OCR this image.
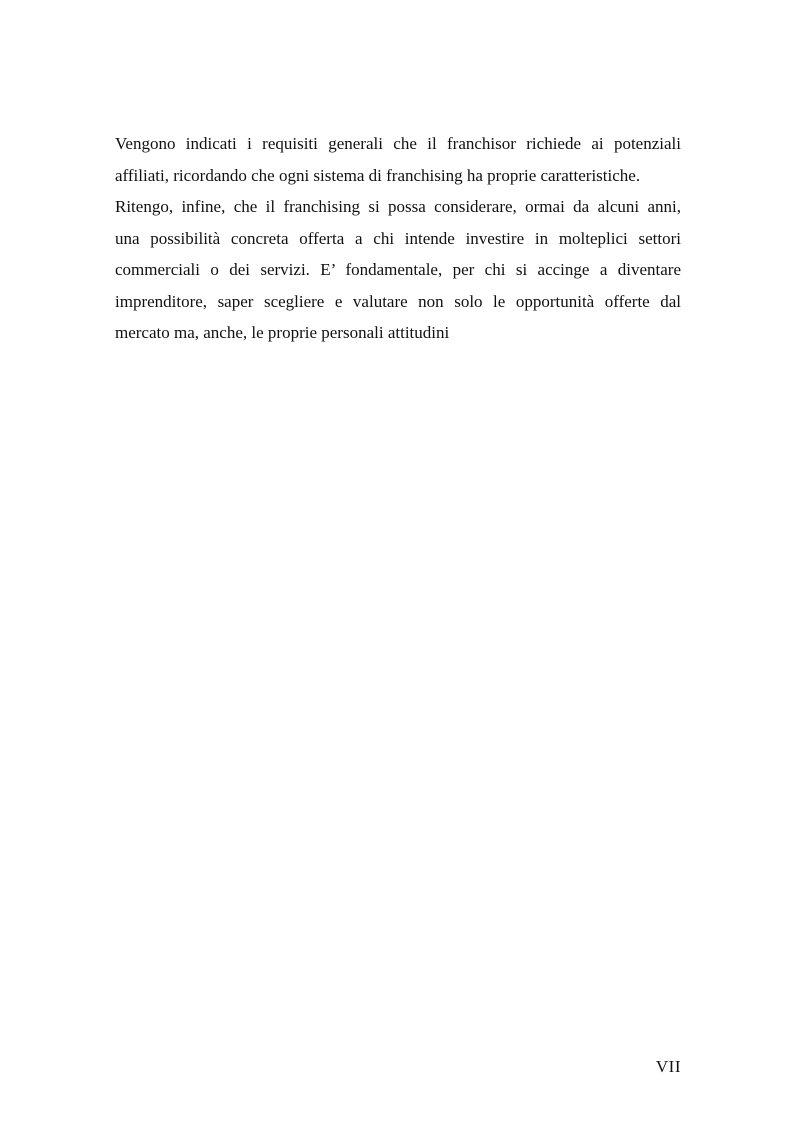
Vengono indicati i requisiti generali che il franchisor richiede ai potenziali
affiliati, ricordando che ogni sistema di franchising ha proprie caratteristiche.
Ritengo, infine, che il franchising si possa considerare, ormai da alcuni anni,
una possibilità concreta offerta a chi intende investire in molteplici settori
commerciali o dei servizi. E’ fondamentale, per chi si accinge a diventare
imprenditore, saper scegliere e valutare non solo le opportunità offerte dal
mercato ma, anche, le proprie personali attitudini
VII
